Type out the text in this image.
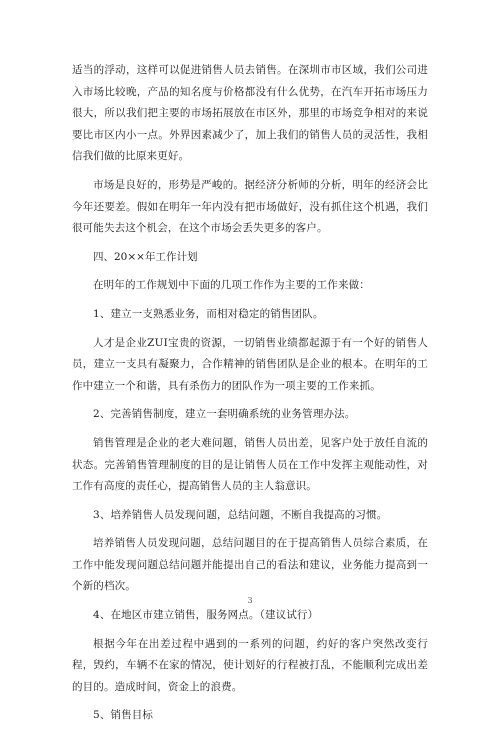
适当的浮动，这样可以促进销售人员去销售。在深圳市市区域，我们公司进入市场比较晚，产品的知名度与价格都没有什么优势，在汽车开拓市场压力很大，所以我们把主要的市场拓展放在市区外，那里的市场竞争相对的来说要比市区内小一点。外界因素减少了，加上我们的销售人员的灵活性，我相信我们做的比原来更好。

市场是良好的，形势是严峻的。据经济分析师的分析，明年的经济会比今年还要差。假如在明年一年内没有把市场做好，没有抓住这个机遇，我们很可能失去这个机会，在这个市场会丢失更多的客户。

四、20××年工作计划

在明年的工作规划中下面的几项工作作为主要的工作来做：

1、建立一支熟悉业务，而相对稳定的销售团队。

人才是企业ZUI宝贵的资源，一切销售业绩都起源于有一个好的销售人员，建立一支具有凝聚力，合作精神的销售团队是企业的根本。在明年的工作中建立一个和谐，具有杀伤力的团队作为一项主要的工作来抓。

2、完善销售制度，建立一套明确系统的业务管理办法。

销售管理是企业的老大难问题，销售人员出差，见客户处于放任自流的状态。完善销售管理制度的目的是让销售人员在工作中发挥主观能动性，对工作有高度的责任心，提高销售人员的主人翁意识。

3、培养销售人员发现问题，总结问题，不断自我提高的习惯。

培养销售人员发现问题，总结问题目的在于提高销售人员综合素质，在工作中能发现问题总结问题并能提出自己的看法和建议，业务能力提高到一个新的档次。

4、在地区市建立销售，服务网点。（建议试行）

根据今年在出差过程中遇到的一系列的问题，约好的客户突然改变行程，毁约，车辆不在家的情况，使计划好的行程被打乱，不能顺利完成出差的目的。造成时间，资金上的浪费。

5、销售目标

3
